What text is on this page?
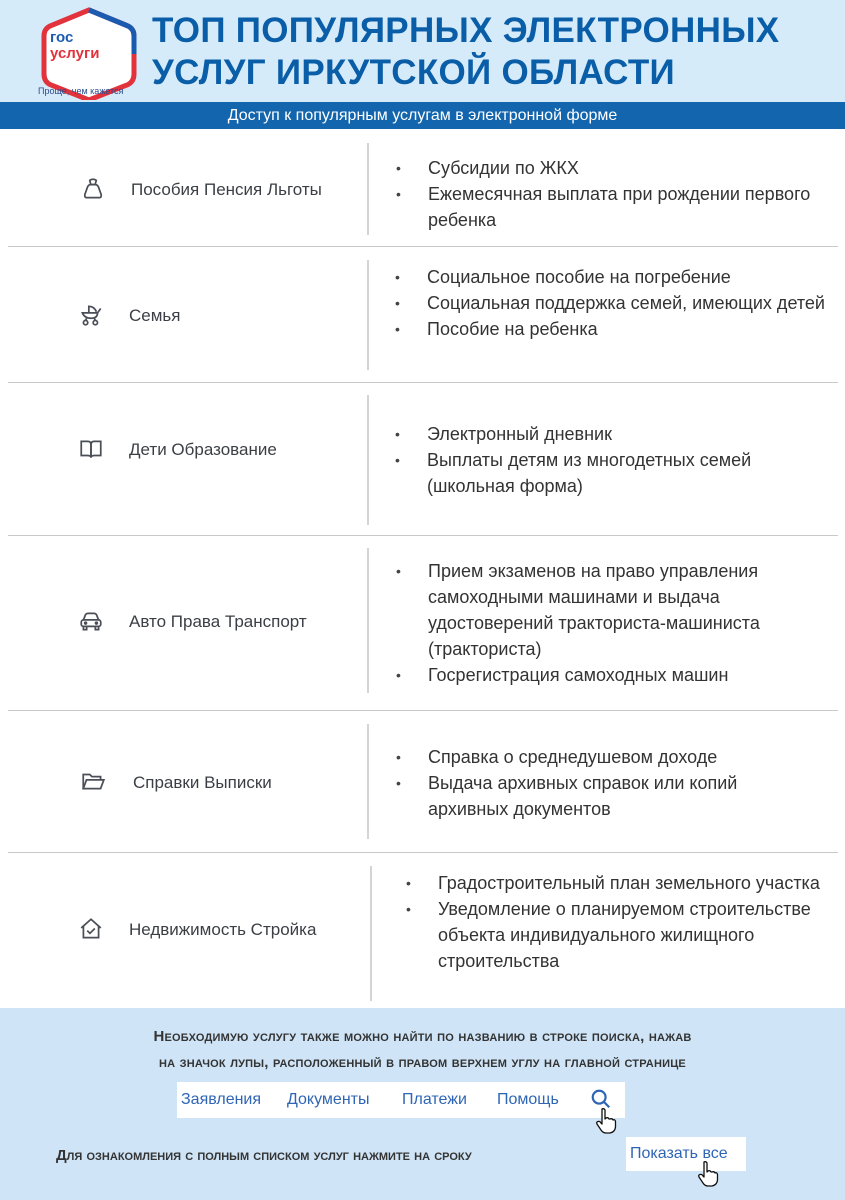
гос
услуги
Проще, чем кажется
ТОП ПОПУЛЯРНЫХ ЭЛЕКТРОННЫХ
УСЛУГ ИРКУТСКОЙ ОБЛАСТИ
Доступ к популярным услугам в электронной форме
Пособия Пенсия Льготы
• Субсидии по ЖКХ
• Ежемесячная выплата при рождении первого ребенка
Семья
• Социальное пособие на погребение
• Социальная поддержка семей, имеющих детей
• Пособие на ребенка
Дети Образование
• Электронный дневник
• Выплаты детям из многодетных семей (школьная форма)
Авто Права Транспорт
• Прием экзаменов на право управления самоходными машинами и выдача удостоверений тракториста-машиниста (тракториста)
• Госрегистрация самоходных машин
Справки Выписки
• Справка о среднедушевом доходе
• Выдача архивных справок или копий архивных документов
Недвижимость Стройка
• Градостроительный план земельного участка
• Уведомление о планируемом строительстве объекта индивидуального жилищного строительства
Необходимую услугу также можно найти по названию в строке поиска, нажав
на значок лупы, расположенный в правом верхнем углу на главной странице
Заявления Документы Платежи Помощь
Для ознакомления с полным списком услуг нажмите на сроку	Показать все
